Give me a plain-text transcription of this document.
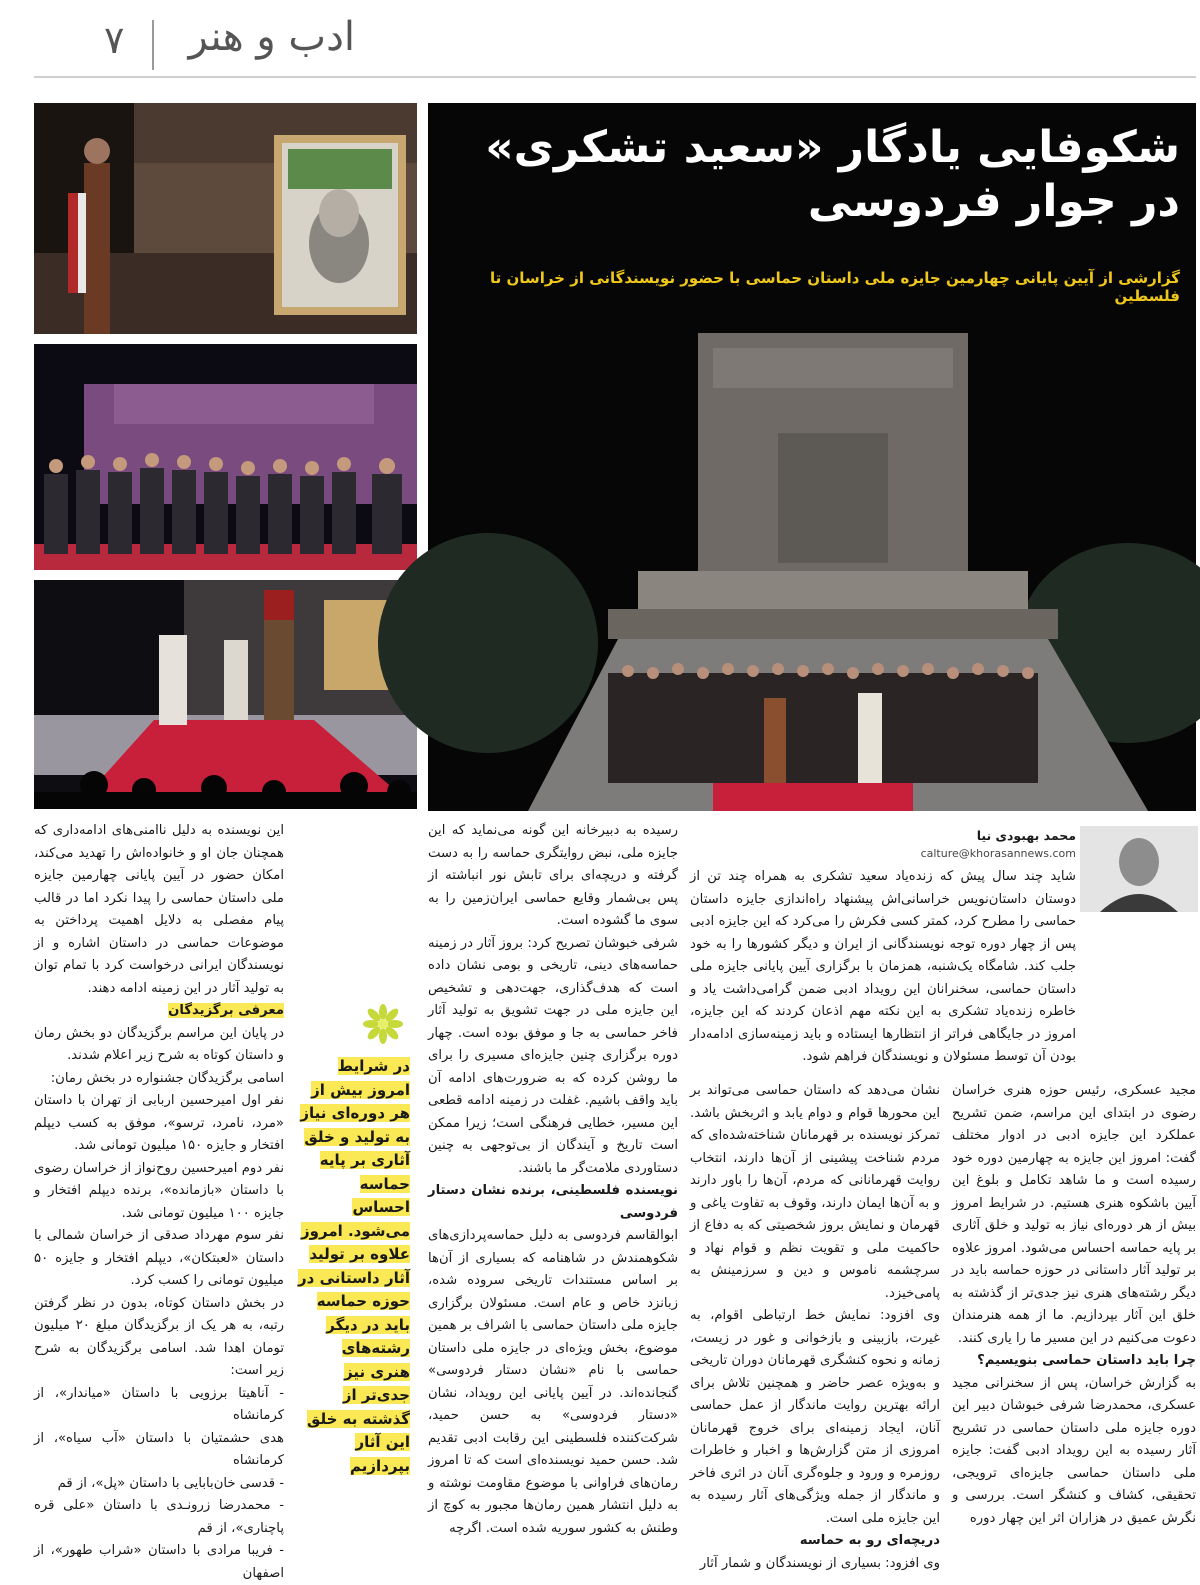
ادب و هنر
۷
شکوفایی یادگار «سعید تشکری»
در جوار فردوسی
گزارشی از آیین پایانی چهارمین جایزه ملی داستان حماسی با حضور نویسندگانی از خراسان تا فلسطین
محمد بهبودی نیا
calture@khorasannews.com

شاید چند سال پیش که زنده‌یاد سعید تشکری به همراه چند تن از دوستان داستان‌نویس خراسانی‌اش پیشنهاد راه‌اندازی جایزه داستان حماسی را مطرح کرد، کمتر کسی فکرش را می‌کرد که این جایزه ادبی پس از چهار دوره توجه نویسندگانی از ایران و دیگر کشورها را به خود جلب کند. شامگاه یک‌شنبه، همزمان با برگزاری آیین پایانی جایزه ملی داستان حماسی، سخنرانان این رویداد ادبی ضمن گرامی‌داشت یاد و خاطره زنده‌یاد تشکری به این نکته مهم اذعان کردند که این جایزه، امروز در جایگاهی فراتر از انتظارها ایستاده و باید زمینه‌سازی ادامه‌دار بودن آن توسط مسئولان و نویسندگان فراهم شود.

مجید عسکری، رئیس حوزه هنری خراسان رضوی در ابتدای این مراسم، ضمن تشریح عملکرد این جایزه ادبی در ادوار مختلف گفت: امروز این جایزه به چهارمین دوره خود رسیده است و ما شاهد تکامل و بلوغ این آیین باشکوه هنری هستیم. در شرایط امروز بیش از هر دوره‌ای نیاز به تولید و خلق آثاری بر پایه حماسه احساس می‌شود. امروز علاوه بر تولید آثار داستانی در حوزه حماسه باید در دیگر رشته‌های هنری نیز جدی‌تر از گذشته به خلق این آثار بپردازیم. ما از همه هنرمندان دعوت می‌کنیم در این مسیر ما را یاری کنند.

چرا باید داستان حماسی بنویسیم؟

به گزارش خراسان، پس از سخنرانی مجید عسکری، محمدرضا شرفی خبوشان دبیر این دوره جایزه ملی داستان حماسی در تشریح آثار رسیده به این رویداد ادبی گفت: جایزه ملی داستان حماسی جایزه‌ای ترویجی، تحقیقی، کشاف و کنشگر است. بررسی و نگرش عمیق در هزاران اثر این چهار دوره

نشان می‌دهد که داستان حماسی می‌تواند بر این محورها قوام و دوام یابد و اثربخش باشد. تمرکز نویسنده بر قهرمانان شناخته‌شده‌ای که مردم شناخت پیشینی از آن‌ها دارند، انتخاب روایت قهرمانانی که مردم، آن‌ها را باور دارند و به آن‌ها ایمان دارند، وقوف به تفاوت یاغی و قهرمان و نمایش بروز شخصیتی که به دفاع از حاکمیت ملی و تقویت نظم و قوام نهاد و سرچشمه ناموس و دین و سرزمینش به پامی‌خیزد.

وی افزود: نمایش خط ارتباطی اقوام، به غیرت، بازبینی و بازخوانی و غور در زیست، زمانه و نحوه کنشگری قهرمانان دوران تاریخی و به‌ویژه عصر حاضر و همچنین تلاش برای ارائه بهترین روایت ماندگار از عمل حماسی آنان، ایجاد زمینه‌ای برای خروج قهرمانان امروزی از متن گزارش‌ها و اخبار و خاطرات روزمره و ورود و جلوه‌گری آنان در اثری فاخر و ماندگار از جمله ویژگی‌های آثار رسیده به این جایزه ملی است.

دریچه‌ای رو به حماسه

وی افزود: بسیاری از نویسندگان و شمار آثار

رسیده به دبیرخانه این گونه می‌نماید که این جایزه ملی، نبض روایتگری حماسه را به دست گرفته و دریچه‌ای برای تابش نور انباشته از پس بی‌شمار وقایع حماسی ایران‌زمین را به سوی ما گشوده است.

شرفی خبوشان تصریح کرد: بروز آثار در زمینه حماسه‌های دینی، تاریخی و بومی نشان داده است که هدف‌گذاری، جهت‌دهی و تشخیص این جایزه ملی در جهت تشویق به تولید آثار فاخر حماسی به جا و موفق بوده است. چهار دوره برگزاری چنین جایزه‌ای مسیری را برای ما روشن کرده که به ضرورت‌های ادامه آن باید واقف باشیم. غفلت در زمینه ادامه قطعی این مسیر، خطایی فرهنگی است؛ زیرا ممکن است تاریخ و آیندگان از بی‌توجهی به چنین دستاوردی ملامت‌گر ما باشند.

نویسنده فلسطینی، برنده نشان دستار فردوسی

ابوالقاسم فردوسی به دلیل حماسه‌پردازی‌های شکوهمندش در شاهنامه که بسیاری از آن‌ها بر اساس مستندات تاریخی سروده شده، زبانزد خاص و عام است. مسئولان برگزاری جایزه ملی داستان حماسی با اشراف بر همین موضوع، بخش ویژه‌ای در جایزه ملی داستان حماسی با نام «نشان دستار فردوسی» گنجانده‌اند. در آیین پایانی این رویداد، نشان «دستار فردوسی» به حسن حمید، شرکت‌کننده فلسطینی این رقابت ادبی تقدیم شد. حسن حمید نویسنده‌ای است که تا امروز رمان‌های فراوانی با موضوع مقاومت نوشته و به دلیل انتشار همین رمان‌ها مجبور به کوچ از وطنش به کشور سوریه شده است. اگرچه

در شرایط امروز بیش از هر دوره‌ای نیاز به تولید و خلق آثاری بر پایه حماسه احساس می‌شود. امروز علاوه بر تولید آثار داستانی در حوزه حماسه باید در دیگر رشته‌های هنری نیز جدی‌تر از گذشته به خلق این آثار بپردازیم

این نویسنده به دلیل ناامنی‌های ادامه‌داری که همچنان جان او و خانواده‌اش را تهدید می‌کند، امکان حضور در آیین پایانی چهارمین جایزه ملی داستان حماسی را پیدا نکرد اما در قالب پیام مفصلی به دلایل اهمیت پرداختن به موضوعات حماسی در داستان اشاره و از نویسندگان ایرانی درخواست کرد با تمام توان به تولید آثار در این زمینه ادامه دهند.

معرفی برگزیدگان

در پایان این مراسم برگزیدگان دو بخش رمان و داستان کوتاه به شرح زیر اعلام شدند.

اسامی برگزیدگان جشنواره در بخش رمان:

نفر اول امیرحسین اربابی از تهران با داستان «مرد، نامرد، ترسو»، موفق به کسب دیپلم افتخار و جایزه ۱۵۰ میلیون تومانی شد.

نفر دوم امیرحسین روح‌نواز از خراسان رضوی با داستان «بازمانده»، برنده دیپلم افتخار و جایزه ۱۰۰ میلیون تومانی شد.

نفر سوم مهرداد صدقی از خراسان شمالی با داستان «لعبتکان»، دیپلم افتخار و جایزه ۵۰ میلیون تومانی را کسب کرد.

در بخش داستان کوتاه، بدون در نظر گرفتن رتبه، به هر یک از برگزیدگان مبلغ ۲۰ میلیون تومان اهدا شد. اسامی برگزیدگان به شرح زیر است:

- آناهیتا برزویی با داستان «میاندار»، از کرمانشاه

هدی حشمتیان با داستان «آب سیاه»، از کرمانشاه

- قدسی خان‌بابایی با داستان «پل»، از قم

- محمدرضا زرونـدی با داستان «علی قره پاچناری»، از قم

- فریبا مرادی با داستان «شراب طهور»، از اصفهان
